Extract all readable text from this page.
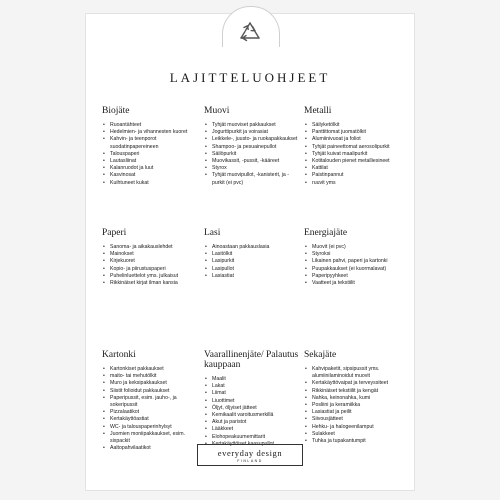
LAJITTELUOHJEET
Biojäte
• Ruoantähteet
• Hedelmien- ja vihannesten kuoret
• Kahvin- ja teenporot suodatinpapereineen
• Talouspaperi
• Lautasliinat
• Kalanruodot ja luut
• Kasvinosat
• Kuihtuneet kukat
Muovi
• Tyhjät muoviset pakkaukset
• Jogurttipurkit ja voirasiat
• Leikkele-, juusto- ja ruokapakkaukset
• Shampoo- ja pesuainepullot
• Säilöpurkit
• Muovikassit, -pussit, -kääreet
• Styrox
• Tyhjät muovipullot, -kanisterit, ja -purkit (ei pvc)
Metalli
• Säilyketölkit
• Panttittomat juomatölkit
• Alumiinivuoat ja foliot
• Tyhjät paineettomat aerosolipurkit
• Tyhjät kuivat maalipurkit
• Kotitalouden pienet metalliesineet
• Kattilat
• Paistinpannut
• ruuvit yms
Paperi
• Sanoma- ja aikakauslehdet
• Mainokset
• Kirjekuoret
• Kopio- ja piirustuspaperi
• Puhelinluettelot yms. julkaisut
• Rikkinäiset kirjat ilman kansia
Lasi
• Ainoastaan pakkauslasia
• Lasitölkit
• Lasipurkit
• Lasipullot
• Lasiastiat
Energiajäte
• Muovit (ei pvc)
• Styroksi
• Likainen pahvi, paperi ja kartonki
• Puupakkaukset (ei kuormalavat)
• Paperipyyhkeet
• Vaatteet ja tekstiilit
Kartonki
• Kartonkiset pakkaukset
• maito- tai mehutölkit
• Muro ja keksipakkaukset
• Siistit folioidut pakkaukset
• Paperipussit, esim. jauho-, ja sokeripussit
• Pizzalaatikot
• Kertakäyttöastiat
• WC- ja talouspaperinhylsyt
• Juomien moniipakkaukset, esim. sixpackit
• Aaltopahvilaatikot
Vaarallinenjäte/ Palautus kauppaan
• Maalit
• Lakat
• Liimat
• Liuottimet
• Öljyt, öljyiset jätteet
• Kemikaalit varoitusmerkillä
• Akut ja paristot
• Lääkkeet
• Elohopeakuumemittarit
• Kertakäyttöiset kaasupullot
Sekajäte
• Kahvipaketit, sipsipussit yms. alumiinilaminoidut muovit
• Kertakäyttövaipat ja terveyssiteet
• Rikkinäiset tekstiilit ja kengät
• Nahka, keinonahka, kumi
• Posliini ja keramiikka
• Lasiastiat ja peilit
• Siivousjätteet
• Hehku- ja halogeenilamput
• Sulakkeet
• Tuhka ja tupakantumpit
everyday design
FINLAND
